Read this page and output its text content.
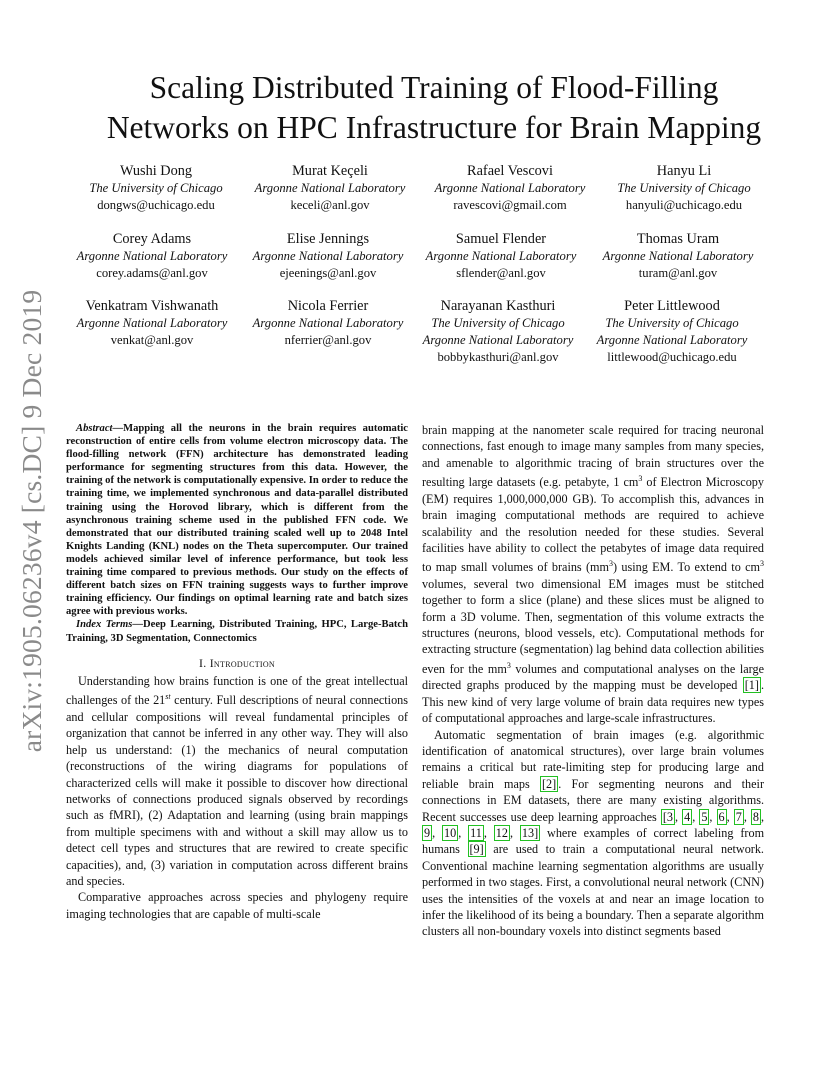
arXiv:1905.06236v4 [cs.DC] 9 Dec 2019
Scaling Distributed Training of Flood-Filling
Networks on HPC Infrastructure for Brain Mapping
Wushi Dong
The University of Chicago
dongws@uchicago.edu
Murat Keçeli
Argonne National Laboratory
keceli@anl.gov
Rafael Vescovi
Argonne National Laboratory
ravescovi@gmail.com
Hanyu Li
The University of Chicago
hanyuli@uchicago.edu
Corey Adams
Argonne National Laboratory
corey.adams@anl.gov
Elise Jennings
Argonne National Laboratory
ejeenings@anl.gov
Samuel Flender
Argonne National Laboratory
sflender@anl.gov
Thomas Uram
Argonne National Laboratory
turam@anl.gov
Venkatram Vishwanath
Argonne National Laboratory
venkat@anl.gov
Nicola Ferrier
Argonne National Laboratory
nferrier@anl.gov
Narayanan Kasthuri
The University of Chicago
Argonne National Laboratory
bobbykasthuri@anl.gov
Peter Littlewood
The University of Chicago
Argonne National Laboratory
littlewood@uchicago.edu

Abstract—Mapping all the neurons in the brain requires automatic reconstruction of entire cells from volume electron microscopy data. The flood-filling network (FFN) architecture has demonstrated leading performance for segmenting structures from this data. However, the training of the network is computationally expensive. In order to reduce the training time, we implemented synchronous and data-parallel distributed training using the Horovod library, which is different from the asynchronous training scheme used in the published FFN code. We demonstrated that our distributed training scaled well up to 2048 Intel Knights Landing (KNL) nodes on the Theta supercomputer. Our trained models achieved similar level of inference performance, but took less training time compared to previous methods. Our study on the effects of different batch sizes on FFN training suggests ways to further improve training efficiency. Our findings on optimal learning rate and batch sizes agree with previous works.

Index Terms—Deep Learning, Distributed Training, HPC, Large-Batch Training, 3D Segmentation, Connectomics

I. Introduction

Understanding how brains function is one of the great intellectual challenges of the 21st century. Full descriptions of neural connections and cellular compositions will reveal fundamental principles of organization that cannot be inferred in any other way. They will also help us understand: (1) the mechanics of neural computation (reconstructions of the wiring diagrams for populations of characterized cells will make it possible to discover how directional networks of connections produced signals observed by recordings such as fMRI), (2) Adaptation and learning (using brain mappings from multiple specimens with and without a skill may allow us to detect cell types and structures that are rewired to create specific capacities), and, (3) variation in computation across different brains and species.

Comparative approaches across species and phylogeny require imaging technologies that are capable of multi-scale

brain mapping at the nanometer scale required for tracing neuronal connections, fast enough to image many samples from many species, and amenable to algorithmic tracing of brain structures over the resulting large datasets (e.g. petabyte, 1 $cm^3$ of Electron Microscopy (EM) requires 1,000,000,000 GB). To accomplish this, advances in brain imaging computational methods are required to achieve scalability and the resolution needed for these studies. Several facilities have ability to collect the petabytes of image data required to map small volumes of brains $(mm^3)$ using EM. To extend to $cm^3$ volumes, several two dimensional EM images must be stitched together to form a slice (plane) and these slices must be aligned to form a 3D volume. Then, segmentation of this volume extracts the structures (neurons, blood vessels, etc). Computational methods for extracting structure (segmentation) lag behind data collection abilities even for the $mm^3$ volumes and computational analyses on the large directed graphs produced by the mapping must be developed [1] . This new kind of very large volume of brain data requires new types of computational approaches and large-scale infrastructures.

Automatic segmentation of brain images (e.g. algorithmic identification of anatomical structures), over large brain volumes remains a critical but rate-limiting step for producing large and reliable brain maps [2] . For segmenting neurons and their connections in EM datasets, there are many existing algorithms. Recent successes use deep learning approaches [3 , 4 , 5 , 6 , 7 , 8 , 9 , 10 , 11 , 12 , 13] where examples of correct labeling from humans [9] are used to train a computational neural network. Conventional machine learning segmentation algorithms are usually performed in two stages. First, a convolutional neural network (CNN) uses the intensities of the voxels at and near an image location to infer the likelihood of its being a boundary. Then a separate algorithm clusters all non-boundary voxels into distinct segments based
